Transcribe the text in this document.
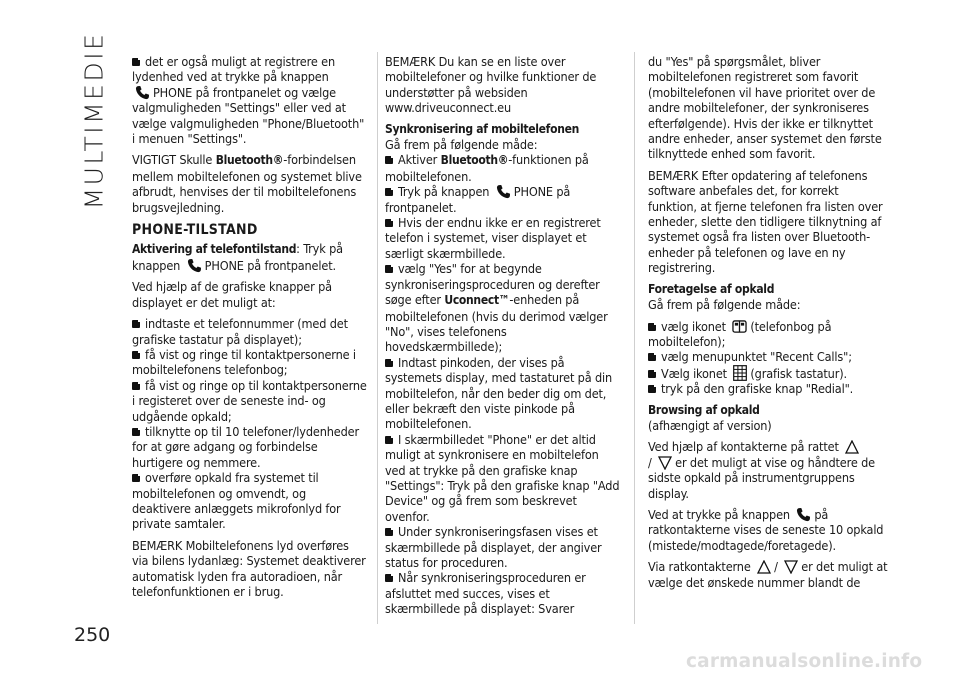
MULTIMEDIE
250

det er også muligt at registrere en lydenhed ved at trykke på knappen
PHONE på frontpanelet og vælge valgmuligheden "Settings" eller ved at vælge valgmuligheden "Phone/Bluetooth" i menuen "Settings".

VIGTIGT Skulle Bluetooth®-forbindelsen mellem mobiltelefonen og systemet blive afbrudt, henvises der til mobiltelefonens brugsvejledning.

PHONE-TILSTAND

Aktivering af telefontilstand: Tryk på knappen PHONE på frontpanelet.

Ved hjælp af de grafiske knapper på displayet er det muligt at:

indtaste et telefonnummer (med det grafiske tastatur på displayet);

få vist og ringe til kontaktpersonerne i mobiltelefonens telefonbog;

få vist og ringe op til kontaktpersonerne i registeret over de seneste ind- og udgående opkald;

tilknytte op til 10 telefoner/lydenheder for at gøre adgang og forbindelse hurtigere og nemmere.

overføre opkald fra systemet til mobiltelefonen og omvendt, og deaktivere anlæggets mikrofonlyd for private samtaler.

BEMÆRK Mobiltelefonens lyd overføres via bilens lydanlæg: Systemet deaktiverer automatisk lyden fra autoradioen, når telefonfunktionen er i brug.

BEMÆRK Du kan se en liste over mobiltelefoner og hvilke funktioner de understøtter på websiden www.driveuconnect.eu

Synkronisering af mobiltelefonen

Gå frem på følgende måde:

Aktiver Bluetooth®-funktionen på mobiltelefonen.

Tryk på knappen PHONE på frontpanelet.

Hvis der endnu ikke er en registreret telefon i systemet, viser displayet et særligt skærmbillede.

vælg "Yes" for at begynde synkroniseringsproceduren og derefter søge efter Uconnect™-enheden på mobiltelefonen (hvis du derimod vælger "No", vises telefonens hovedskærmbillede);

Indtast pinkoden, der vises på systemets display, med tastaturet på din mobiltelefon, når den beder dig om det, eller bekræft den viste pinkode på mobiltelefonen.

I skærmbilledet "Phone" er det altid muligt at synkronisere en mobiltelefon ved at trykke på den grafiske knap "Settings": Tryk på den grafiske knap "Add Device" og gå frem som beskrevet ovenfor.

Under synkroniseringsfasen vises et skærmbillede på displayet, der angiver status for proceduren.

Når synkroniseringsproceduren er afsluttet med succes, vises et skærmbillede på displayet: Svarer

du "Yes" på spørgsmålet, bliver mobiltelefonen registreret som favorit (mobiltelefonen vil have prioritet over de andre mobiltelefoner, der synkroniseres efterfølgende). Hvis der ikke er tilknyttet andre enheder, anser systemet den første tilknyttede enhed som favorit.

BEMÆRK Efter opdatering af telefonens software anbefales det, for korrekt funktion, at fjerne telefonen fra listen over enheder, slette den tidligere tilknytning af systemet også fra listen over Bluetooth-enheder på telefonen og lave en ny registrering.

Foretagelse af opkald

Gå frem på følgende måde:

vælg ikonet (telefonbog på mobiltelefon);

vælg menupunktet "Recent Calls";

Vælg ikonet (grafisk tastatur).

tryk på den grafiske knap "Redial".

Browsing af opkald

(afhængigt af version)

Ved hjælp af kontakterne på rattet
/ er det muligt at vise og håndtere de sidste opkald på instrumentgruppens display.

Ved at trykke på knappen på ratkontakterne vises de seneste 10 opkald (mistede/modtagede/foretagede).

Via ratkontakterne / er det muligt at vælge det ønskede nummer blandt de

carmanualsonline.info
